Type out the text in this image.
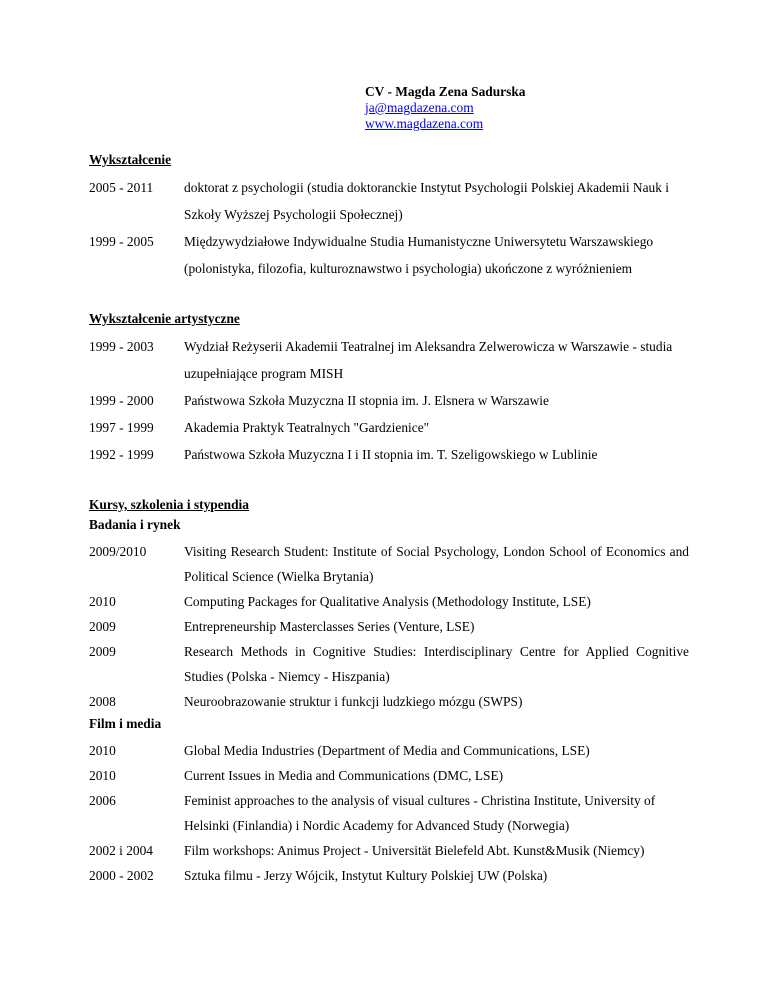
CV - Magda Zena Sadurska
ja@magdazena.com
www.magdazena.com
Wykształcenie
2005 - 2011	doktorat z psychologii (studia doktoranckie Instytut Psychologii Polskiej Akademii Nauk i Szkoły Wyższej Psychologii Społecznej)
1999 - 2005	Międzywydziałowe Indywidualne Studia Humanistyczne Uniwersytetu Warszawskiego (polonistyka, filozofia, kulturoznawstwo i psychologia) ukończone z wyróżnieniem
Wykształcenie artystyczne
1999 - 2003	Wydział Reżyserii Akademii Teatralnej im Aleksandra Zelwerowicza w Warszawie - studia uzupełniające program MISH
1999 - 2000	Państwowa Szkoła Muzyczna II stopnia im. J. Elsnera w Warszawie
1997 - 1999	Akademia Praktyk Teatralnych "Gardzienice"
1992 - 1999	Państwowa Szkoła Muzyczna I i II stopnia im. T. Szeligowskiego w Lublinie
Kursy, szkolenia i stypendia
Badania i rynek
2009/2010	Visiting Research Student: Institute of Social Psychology, London School of Economics and Political Science (Wielka Brytania)
2010	Computing Packages for Qualitative Analysis (Methodology Institute, LSE)
2009	Entrepreneurship Masterclasses Series (Venture, LSE)
2009	Research Methods in Cognitive Studies: Interdisciplinary Centre for Applied Cognitive Studies (Polska - Niemcy - Hiszpania)
2008	Neuroobrazowanie struktur i funkcji ludzkiego mózgu (SWPS)
Film i media
2010	Global Media Industries (Department of Media and Communications, LSE)
2010	Current Issues in Media and Communications (DMC, LSE)
2006	Feminist approaches to the analysis of visual cultures - Christina Institute, University of Helsinki (Finlandia) i Nordic Academy for Advanced Study (Norwegia)
2002 i 2004	Film workshops: Animus Project - Universität Bielefeld Abt. Kunst&Musik (Niemcy)
2000 - 2002	Sztuka filmu - Jerzy Wójcik, Instytut Kultury Polskiej UW (Polska)
